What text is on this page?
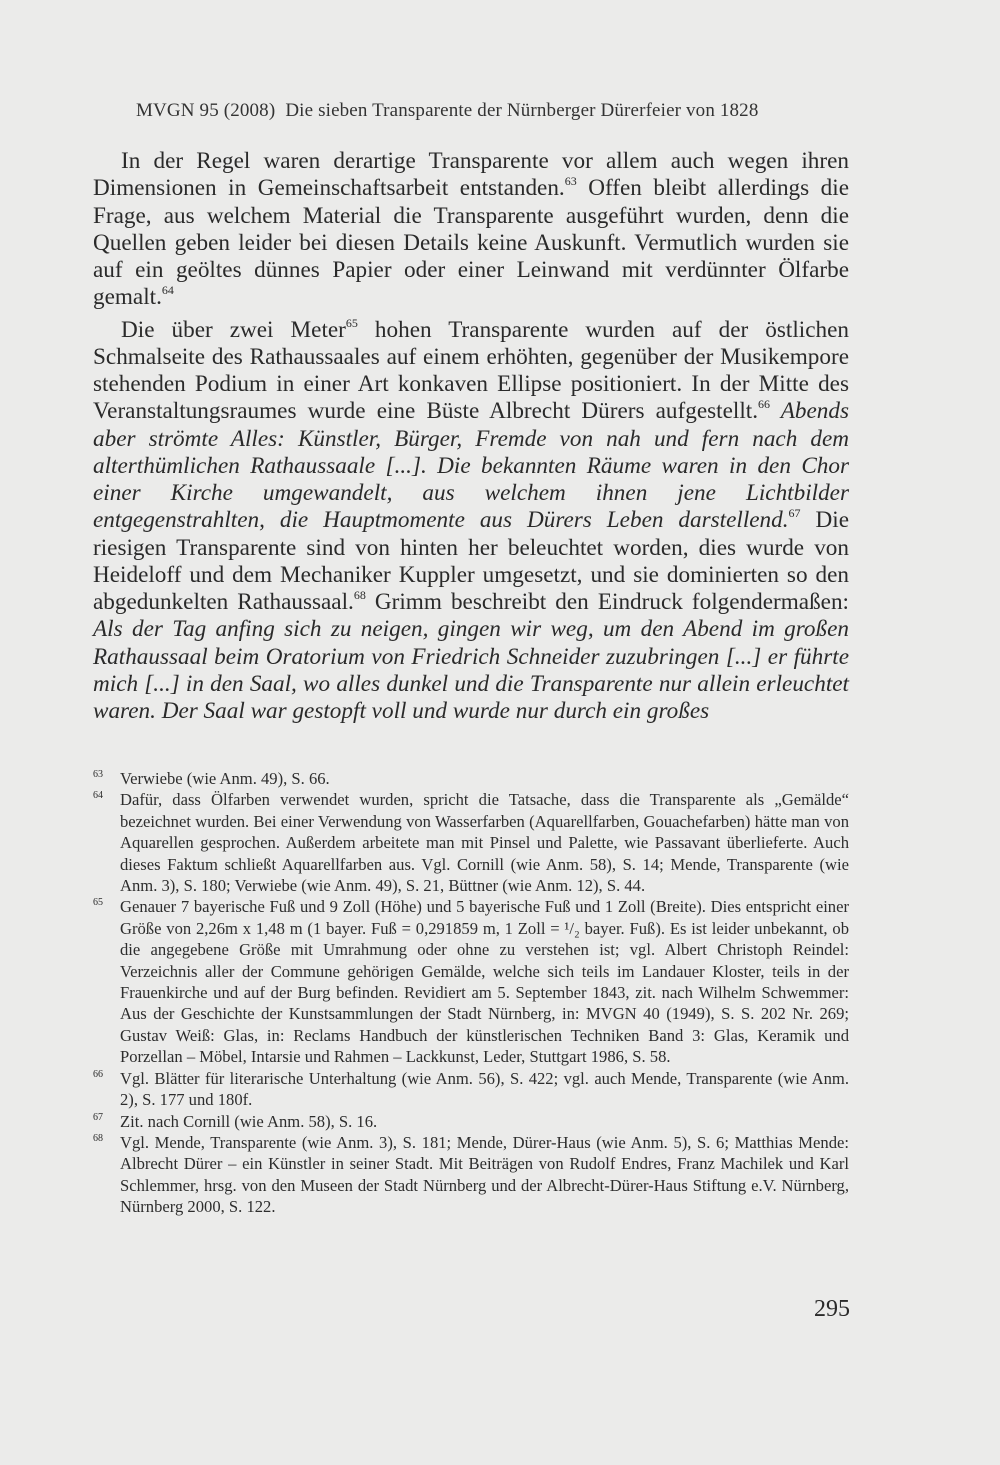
MVGN 95 (2008) Die sieben Transparente der Nürnberger Dürerfeier von 1828

In der Regel waren derartige Transparente vor allem auch wegen ihren Dimensionen in Gemeinschaftsarbeit entstanden.$^{63}$ Offen bleibt allerdings die Frage, aus welchem Material die Transparente ausgeführt wurden, denn die Quellen geben leider bei diesen Details keine Auskunft. Vermutlich wurden sie auf ein geöltes dünnes Papier oder einer Leinwand mit verdünnter Ölfarbe gemalt.$^{64}$

Die über zwei Meter$^{65}$ hohen Transparente wurden auf der östlichen Schmalseite des Rathaussaales auf einem erhöhten, gegenüber der Musikempore stehenden Podium in einer Art konkaven Ellipse positioniert. In der Mitte des Veranstaltungsraumes wurde eine Büste Albrecht Dürers aufgestellt.$^{66}$ Abends aber strömte Alles: Künstler, Bürger, Fremde von nah und fern nach dem alterthümlichen Rathaussaale [...]. Die bekannten Räume waren in den Chor einer Kirche umgewandelt, aus welchem ihnen jene Lichtbilder entgegenstrahlten, die Hauptmomente aus Dürers Leben darstellend.$^{67}$ Die riesigen Transparente sind von hinten her beleuchtet worden, dies wurde von Heideloff und dem Mechaniker Kuppler umgesetzt, und sie dominierten so den abgedunkelten Rathaussaal.$^{68}$ Grimm beschreibt den Eindruck folgendermaßen: Als der Tag anfing sich zu neigen, gingen wir weg, um den Abend im großen Rathaussaal beim Oratorium von Friedrich Schneider zuzubringen [...] er führte mich [...] in den Saal, wo alles dunkel und die Transparente nur allein erleuchtet waren. Der Saal war gestopft voll und wurde nur durch ein großes

63 Verwiebe (wie Anm. 49), S. 66.
64 Dafür, dass Ölfarben verwendet wurden, spricht die Tatsache, dass die Transparente als „Gemälde“ bezeichnet wurden. Bei einer Verwendung von Wasserfarben (Aquarellfarben, Gouachefarben) hätte man von Aquarellen gesprochen. Außerdem arbeitete man mit Pinsel und Palette, wie Passavant überlieferte. Auch dieses Faktum schließt Aquarellfarben aus. Vgl. Cornill (wie Anm. 58), S. 14; Mende, Transparente (wie Anm. 3), S. 180; Verwiebe (wie Anm. 49), S. 21, Büttner (wie Anm. 12), S. 44.
65 Genauer 7 bayerische Fuß und 9 Zoll (Höhe) und 5 bayerische Fuß und 1 Zoll (Breite). Dies entspricht einer Größe von 2,26m x 1,48 m (1 bayer. Fuß = 0,291859 m, 1 Zoll = ¹/₂ bayer. Fuß). Es ist leider unbekannt, ob die angegebene Größe mit Umrahmung oder ohne zu verstehen ist; vgl. Albert Christoph Reindel: Verzeichnis aller der Commune gehörigen Gemälde, welche sich teils im Landauer Kloster, teils in der Frauenkirche und auf der Burg befinden. Revidiert am 5. September 1843, zit. nach Wilhelm Schwemmer: Aus der Geschichte der Kunstsammlungen der Stadt Nürnberg, in: MVGN 40 (1949), S. S. 202 Nr. 269; Gustav Weiß: Glas, in: Reclams Handbuch der künstlerischen Techniken Band 3: Glas, Keramik und Porzellan – Möbel, Intarsie und Rahmen – Lackkunst, Leder, Stuttgart 1986, S. 58.
66 Vgl. Blätter für literarische Unterhaltung (wie Anm. 56), S. 422; vgl. auch Mende, Transparente (wie Anm. 2), S. 177 und 180f.
67 Zit. nach Cornill (wie Anm. 58), S. 16.
68 Vgl. Mende, Transparente (wie Anm. 3), S. 181; Mende, Dürer-Haus (wie Anm. 5), S. 6; Matthias Mende: Albrecht Dürer – ein Künstler in seiner Stadt. Mit Beiträgen von Rudolf Endres, Franz Machilek und Karl Schlemmer, hrsg. von den Museen der Stadt Nürnberg und der Albrecht-Dürer-Haus Stiftung e.V. Nürnberg, Nürnberg 2000, S. 122.
295
